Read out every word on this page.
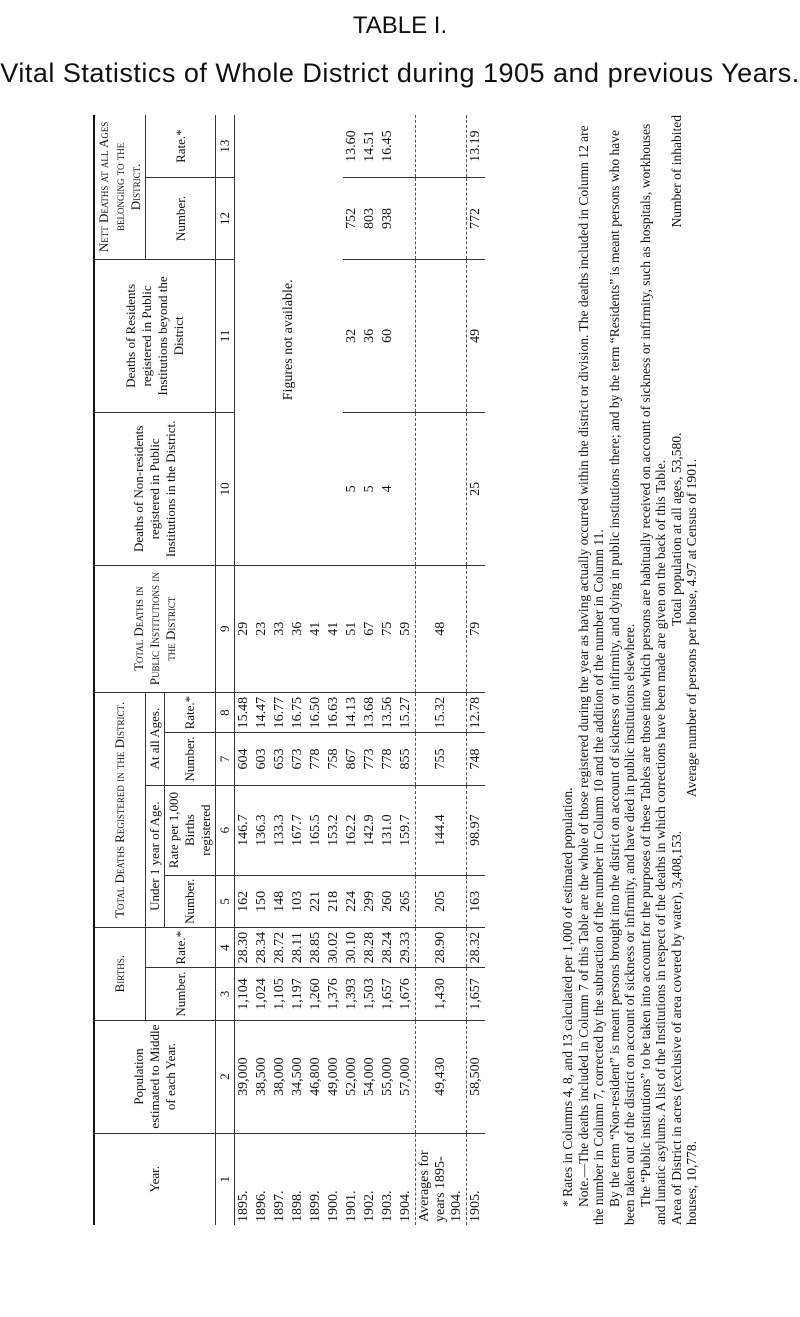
TABLE I.
Vital Statistics of Whole District during 1905 and previous Years.
Year.	Population estimated to Middle of each Year.	Births.		Total Deaths Registered in the District.				Total Deaths in Public Institutions in the District	Deaths of Non-residents registered in Public Institutions in the District.	Deaths of Residents registered in Public Institutions beyond the District	Nett Deaths at all Ages belonging to the District.	
		Number.	Rate.*	Under 1 year of Age.		At all Ages.					Number.	Rate.*
				Number.	Rate per 1,000 Births registered	Number.	Rate.*					
1	2	3	4	5	6	7	8	9	10	11	12	13
1895.	39,000	1,104	28.30	162	146.7	604	15.48	29	Figures not available.			
1896.	38,500	1,024	28.34	150	136.3	603	14.47	23				
1897.	38,000	1,105	28.72	148	133.3	653	16.77	33				
1898.	34,500	1,197	28.11	103	167.7	673	16.75	36				
1899.	46,800	1,260	28.85	221	165.5	778	16.50	41				
1900.	49,000	1,376	30.02	218	153.2	758	16.63	41				
1901.	52,000	1,393	30.10	224	162.2	867	14.13	51	5	32	752	13.60
1902.	54,000	1,503	28.28	299	142.9	773	13.68	67	5	36	803	14.51
1903.	55,000	1,657	28.24	260	131.0	778	13.56	75	4	60	938	16.45
1904.	57,000	1,676	29.33	265	159.7	855	15.27	59				
Averages for years 1895-1904.	49,430	1,430	28.90	205	144.4	755	15.32	48				
1905.	58,500	1,657	28.32	163	98.97	748	12.78	79	25	49	772	13.19

* Rates in Columns 4, 8, and 13 calculated per 1,000 of estimated population. Note.—The deaths included in Column 7 of this Table are the whole of those registered during the year as having actually occurred within the district or division. The deaths included in Column 12 are the number in Column 7, corrected by the subtraction of the number in Column 10 and the addition of the number in Column 11. By the term “Non-resident” is meant persons brought into the district on account of sickness or infirmity, and dying in public institutions there; and by the term “Residents” is meant persons who have been taken out of the district on account of sickness or infirmity, and have died in public institutions elsewhere. The “Public institutions” to be taken into account for the purposes of these Tables are those into which persons are habitually received on account of sickness or infirmity, such as hospitals, workhouses and lunatic asylums. A list of the Institutions in respect of the deaths in which corrections have been made are given on the back of this Table. Area of District in acres (exclusive of area covered by water), 3,408,153.
Total population at all ages, 53,580.
Number of inhabited
houses, 10,778.
Average number of persons per house, 4.97 at Census of 1901.
